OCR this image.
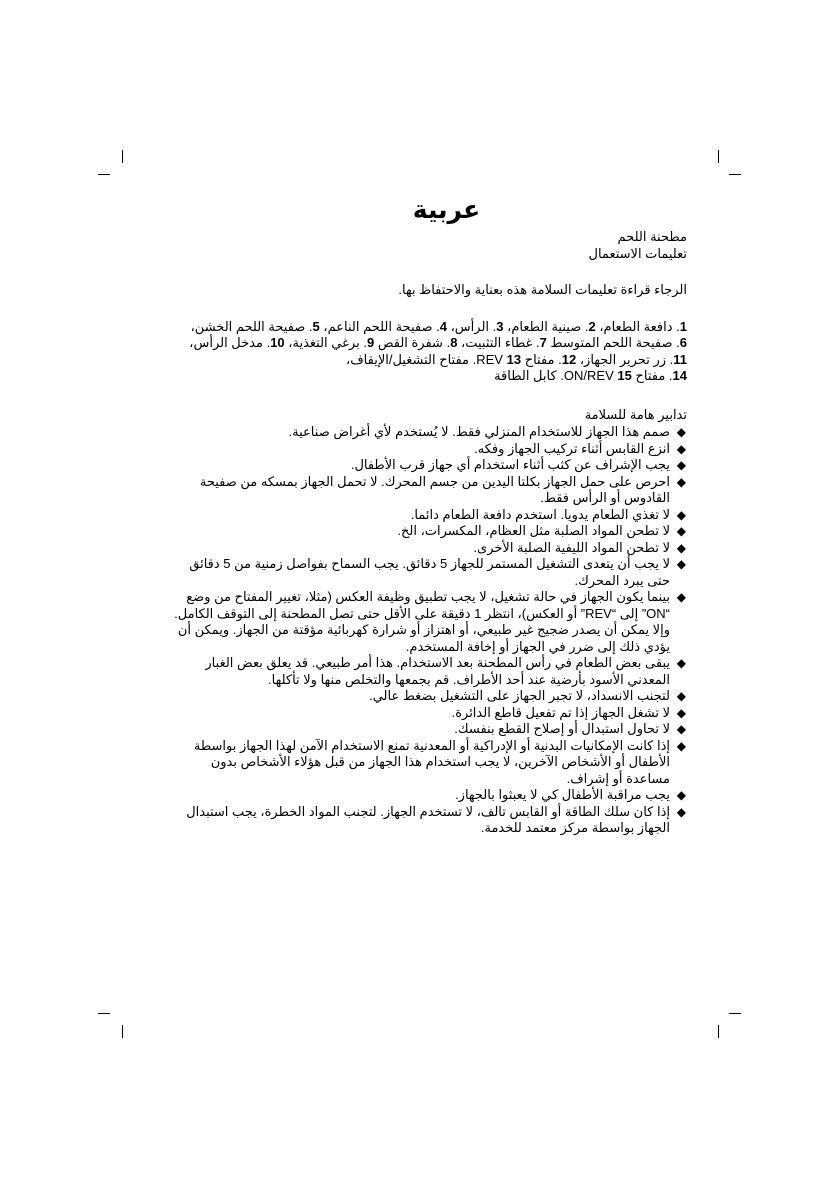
عربية

مطحنة اللحم

تعليمات الاستعمال

الرجاء قراءة تعليمات السلامة هذه بعناية والاحتفاظ بها.

1. دافعة الطعام، 2. صينية الطعام، 3. الرأس، 4. صفيحة اللحم الناعم، 5. صفيحة اللحم الخشن،
6. صفيحة اللحم المتوسط 7. غطاء التثبيت، 8. شفرة القص 9. برغي التغذية، 10. مدخل الرأس، 11. زر تحرير الجهاز، 12. مفتاح 13 REV. مفتاح التشغيل/الإيقاف،
14. مفتاح 15 ON/REV. كابل الطاقة

تدابير هامة للسلامة

◆
صمم هذا الجهاز للاستخدام المنزلي فقط. لا يُستخدم لأي أغراض صناعية.
◆
انزع القابس أثناء تركيب الجهاز وفكه.
◆
يجب الإشراف عن كثب أثناء استخدام أي جهاز قرب الأطفال.
◆
احرص على حمل الجهاز بكلتا اليدين من جسم المحرك. لا تحمل الجهاز بمسكه من صفيحة القادوس أو الرأس فقط.
◆
لا تغذي الطعام يدويا. استخدم دافعة الطعام دائما.
◆
لا تطحن المواد الصلبة مثل العظام، المكسرات، الخ.
◆
لا تطحن المواد الليفية الصلبة الأخرى.
◆
لا يجب أن يتعدى التشغيل المستمر للجهاز 5 دقائق. يجب السماح بفواصل زمنية من 5 دقائق حتى يبرد المحرك.
◆
بينما يكون الجهاز في حالة تشغيل، لا يجب تطبيق وظيفة العكس (مثلا، تغيير المفتاح من وضع “ON” إلى “REV” أو العكس)، انتظر 1 دقيقة على الأقل حتى تصل المطحنة إلى التوقف الكامل. وإلا يمكن أن يصدر ضجيج غير طبيعي، أو اهتزاز أو شرارة كهربائية مؤقتة من الجهاز. ويمكن أن يؤدي ذلك إلى ضرر في الجهاز أو إخافة المستخدم.
◆
يبقى بعض الطعام في رأس المطحنة بعد الاستخدام. هذا أمر طبيعي. قد يعلق بعض الغبار المعدني الأسود بأرضية عند أحد الأطراف. قم بجمعها والتخلص منها ولا تأكلها.
◆
لتجنب الانسداد، لا تجبر الجهاز على التشغيل بضغط عالي.
◆
لا تشغل الجهاز إذا تم تفعيل قاطع الدائرة.
◆
لا تحاول استبدال أو إصلاح القطع بنفسك.
◆
إذا كانت الإمكانيات البدنية أو الإدراكية أو المعدنية تمنع الاستخدام الآمن لهذا الجهاز بواسطة الأطفال أو الأشخاص الآخرين، لا يجب استخدام هذا الجهاز من قبل هؤلاء الأشخاص بدون مساعدة أو إشراف.
◆
يجب مراقبة الأطفال كي لا يعبثوا بالجهاز.
◆
إذا كان سلك الطاقة أو القابس تالف، لا تستخدم الجهاز. لتجنب المواد الخطرة، يجب استبدال الجهاز بواسطة مركز معتمد للخدمة.
